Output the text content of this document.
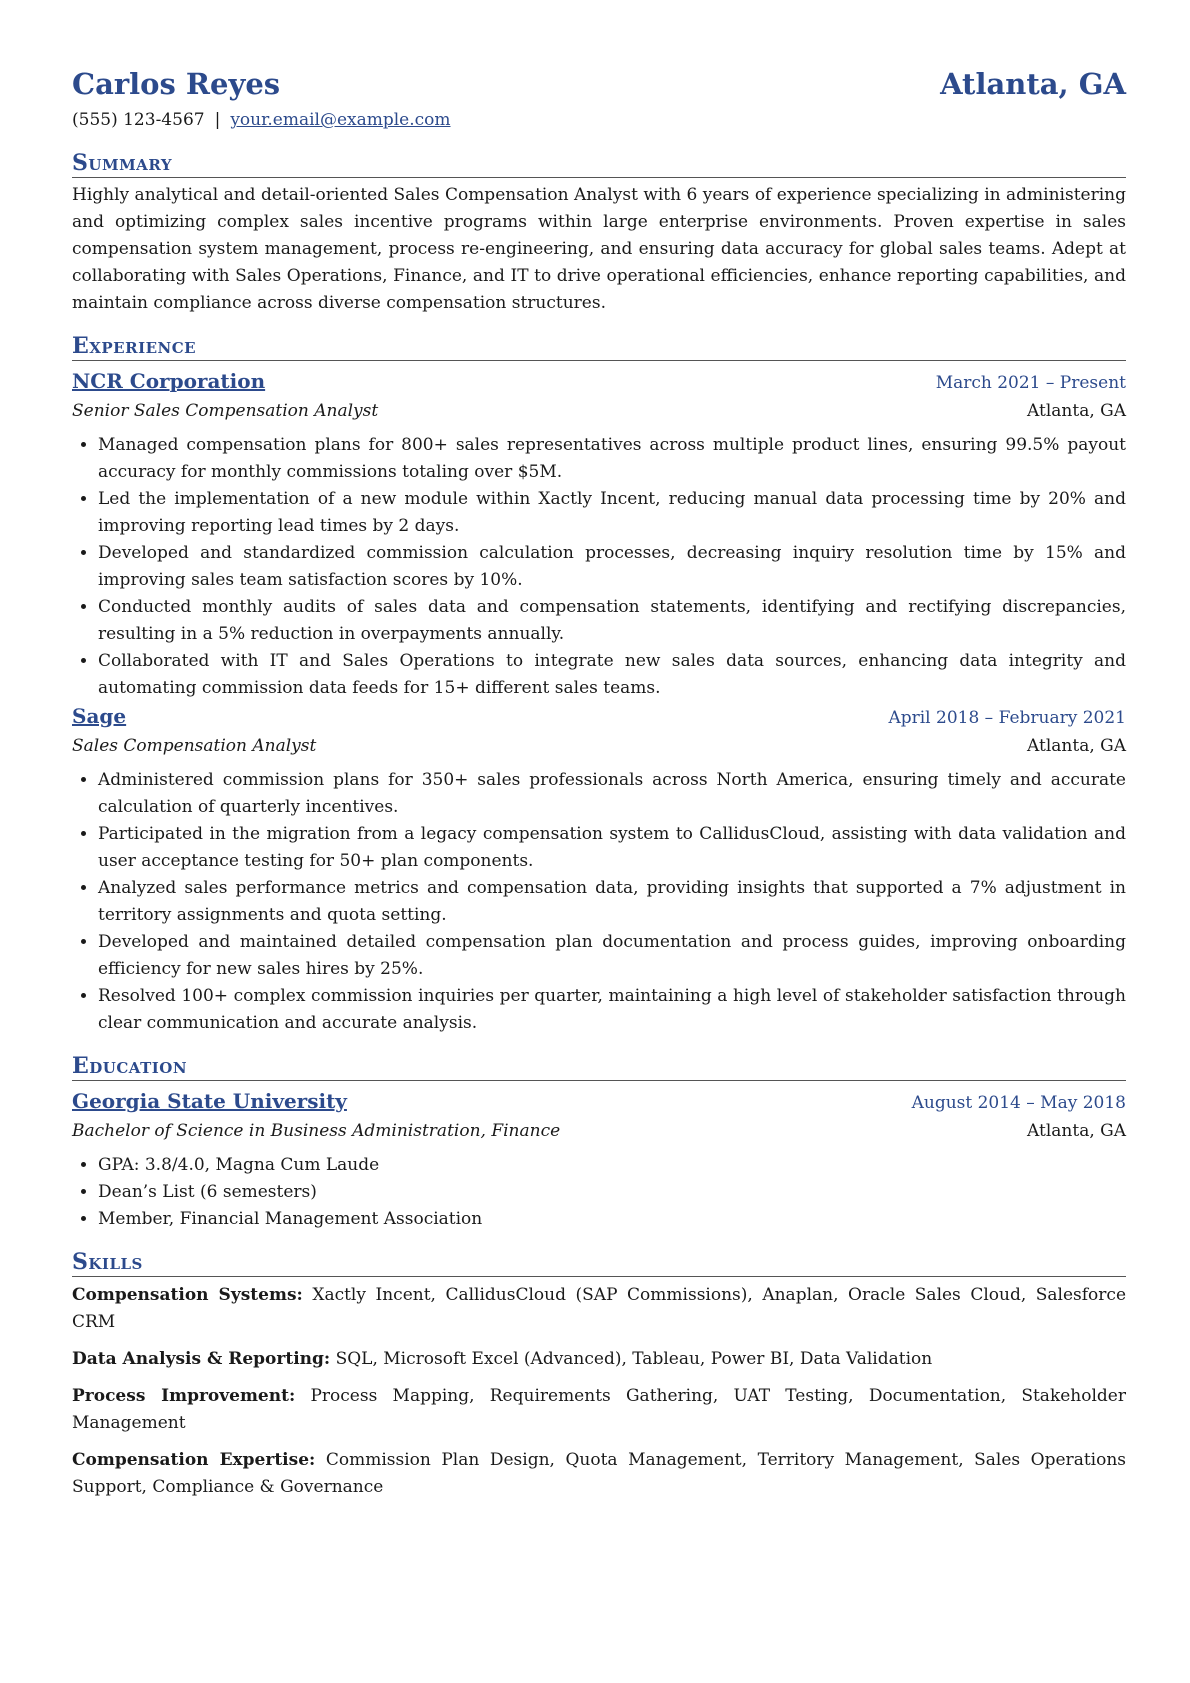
Carlos Reyes	Atlanta, GA
(555) 123-4567 | your.email@example.com
Summary
Highly analytical and detail-oriented Sales Compensation Analyst with 6 years of experience specializing in administering and optimizing complex sales incentive programs within large enterprise environments. Proven expertise in sales compensation system management, process re-engineering, and ensuring data accuracy for global sales teams. Adept at collaborating with Sales Operations, Finance, and IT to drive operational efficiencies, enhance reporting capabilities, and maintain compliance across diverse compensation structures.
Experience
NCR Corporation	March 2021 – Present
Senior Sales Compensation Analyst	Atlanta, GA
• Managed compensation plans for 800+ sales representatives across multiple product lines, ensuring 99.5% payout accuracy for monthly commissions totaling over $5M.
• Led the implementation of a new module within Xactly Incent, reducing manual data processing time by 20% and improving reporting lead times by 2 days.
• Developed and standardized commission calculation processes, decreasing inquiry resolution time by 15% and improving sales team satisfaction scores by 10%.
• Conducted monthly audits of sales data and compensation statements, identifying and rectifying discrepancies, resulting in a 5% reduction in overpayments annually.
• Collaborated with IT and Sales Operations to integrate new sales data sources, enhancing data integrity and automating commission data feeds for 15+ different sales teams.
Sage	April 2018 – February 2021
Sales Compensation Analyst	Atlanta, GA
• Administered commission plans for 350+ sales professionals across North America, ensuring timely and accurate calculation of quarterly incentives.
• Participated in the migration from a legacy compensation system to CallidusCloud, assisting with data validation and user acceptance testing for 50+ plan components.
• Analyzed sales performance metrics and compensation data, providing insights that supported a 7% adjustment in territory assignments and quota setting.
• Developed and maintained detailed compensation plan documentation and process guides, improving onboarding efficiency for new sales hires by 25%.
• Resolved 100+ complex commission inquiries per quarter, maintaining a high level of stakeholder satisfaction through clear communication and accurate analysis.
Education
Georgia State University	August 2014 – May 2018
Bachelor of Science in Business Administration, Finance	Atlanta, GA
• GPA: 3.8/4.0, Magna Cum Laude
• Dean’s List (6 semesters)
• Member, Financial Management Association
Skills
Compensation Systems: Xactly Incent, CallidusCloud (SAP Commissions), Anaplan, Oracle Sales Cloud, Salesforce CRM
Data Analysis & Reporting: SQL, Microsoft Excel (Advanced), Tableau, Power BI, Data Validation
Process Improvement: Process Mapping, Requirements Gathering, UAT Testing, Documentation, Stakeholder Management
Compensation Expertise: Commission Plan Design, Quota Management, Territory Management, Sales Operations Support, Compliance & Governance
